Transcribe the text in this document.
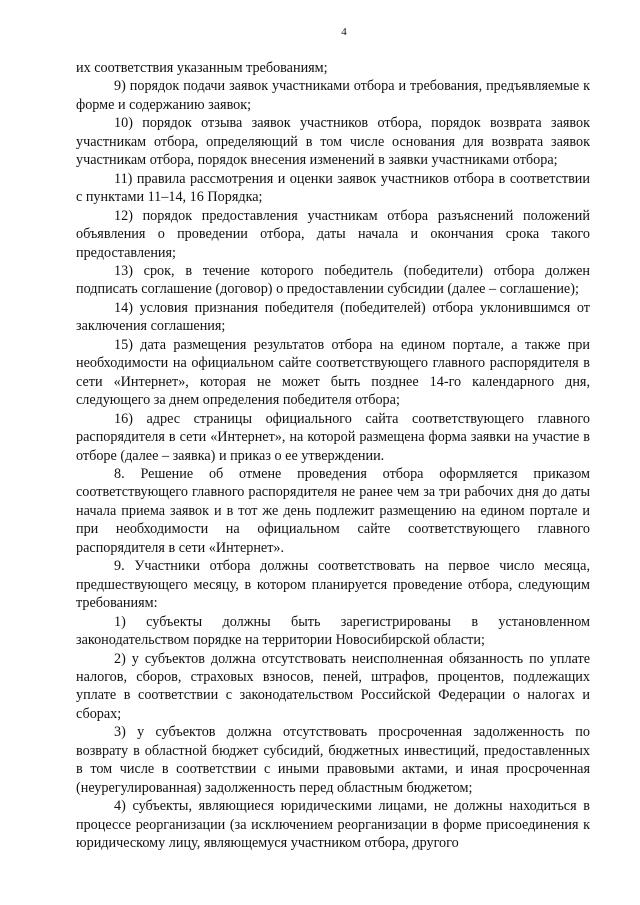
4

их соответствия указанным требованиям;

9) порядок подачи заявок участниками отбора и требования, предъявляемые к форме и содержанию заявок;

10) порядок отзыва заявок участников отбора, порядок возврата заявок участникам отбора, определяющий в том числе основания для возврата заявок участникам отбора, порядок внесения изменений в заявки участниками отбора;

11) правила рассмотрения и оценки заявок участников отбора в соответствии с пунктами 11–14, 16 Порядка;

12) порядок предоставления участникам отбора разъяснений положений объявления о проведении отбора, даты начала и окончания срока такого предоставления;

13) срок, в течение которого победитель (победители) отбора должен подписать соглашение (договор) о предоставлении субсидии (далее – соглашение);

14) условия признания победителя (победителей) отбора уклонившимся от заключения соглашения;

15) дата размещения результатов отбора на едином портале, а также при необходимости на официальном сайте соответствующего главного распорядителя в сети «Интернет», которая не может быть позднее 14-го календарного дня, следующего за днем определения победителя отбора;

16) адрес страницы официального сайта соответствующего главного распорядителя в сети «Интернет», на которой размещена форма заявки на участие в отборе (далее – заявка) и приказ о ее утверждении.

8. Решение об отмене проведения отбора оформляется приказом соответствующего главного распорядителя не ранее чем за три рабочих дня до даты начала приема заявок и в тот же день подлежит размещению на едином портале и при необходимости на официальном сайте соответствующего главного распорядителя в сети «Интернет».

9. Участники отбора должны соответствовать на первое число месяца, предшествующего месяцу, в котором планируется проведение отбора, следующим требованиям:

1) субъекты должны быть зарегистрированы в установленном законодательством порядке на территории Новосибирской области;

2) у субъектов должна отсутствовать неисполненная обязанность по уплате налогов, сборов, страховых взносов, пеней, штрафов, процентов, подлежащих уплате в соответствии с законодательством Российской Федерации о налогах и сборах;

3) у субъектов должна отсутствовать просроченная задолженность по возврату в областной бюджет субсидий, бюджетных инвестиций, предоставленных в том числе в соответствии с иными правовыми актами, и иная просроченная (неурегулированная) задолженность перед областным бюджетом;

4) субъекты, являющиеся юридическими лицами, не должны находиться в процессе реорганизации (за исключением реорганизации в форме присоединения к юридическому лицу, являющемуся участником отбора, другого
